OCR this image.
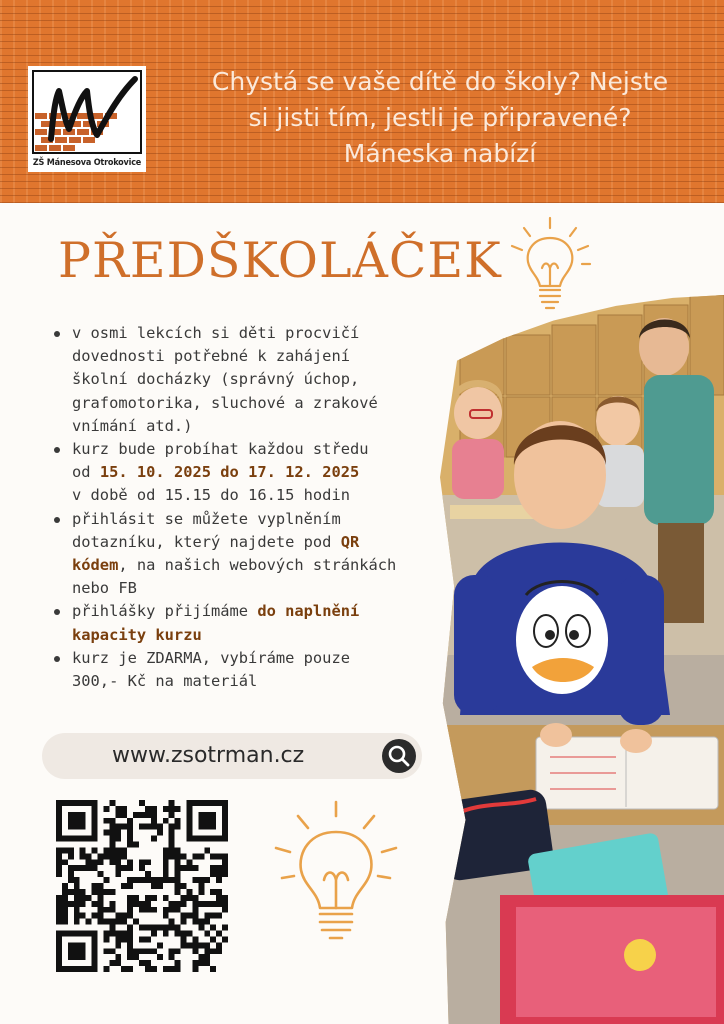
ZŠ Mánesova Otrokovice
Chystá se vaše dítě do školy? Nejste
si jisti tím, jestli je připravené?
Máneska nabízí
PŘEDŠKOLÁČEK
v osmi lekcích si děti procvičí
dovednosti potřebné k zahájení
školní docházky (správný úchop,
grafomotorika, sluchové a zrakové
vnímání atd.)
kurz bude probíhat každou středu
od 15. 10. 2025 do 17. 12. 2025
v době od 15.15 do 16.15 hodin
přihlásit se můžete vyplněním
dotazníku, který najdete pod QR
kódem, na našich webových stránkách
nebo FB
přihlášky přijímáme do naplnění
kapacity kurzu
kurz je ZDARMA, vybíráme pouze
300,- Kč na materiál
www.zsotrman.cz
